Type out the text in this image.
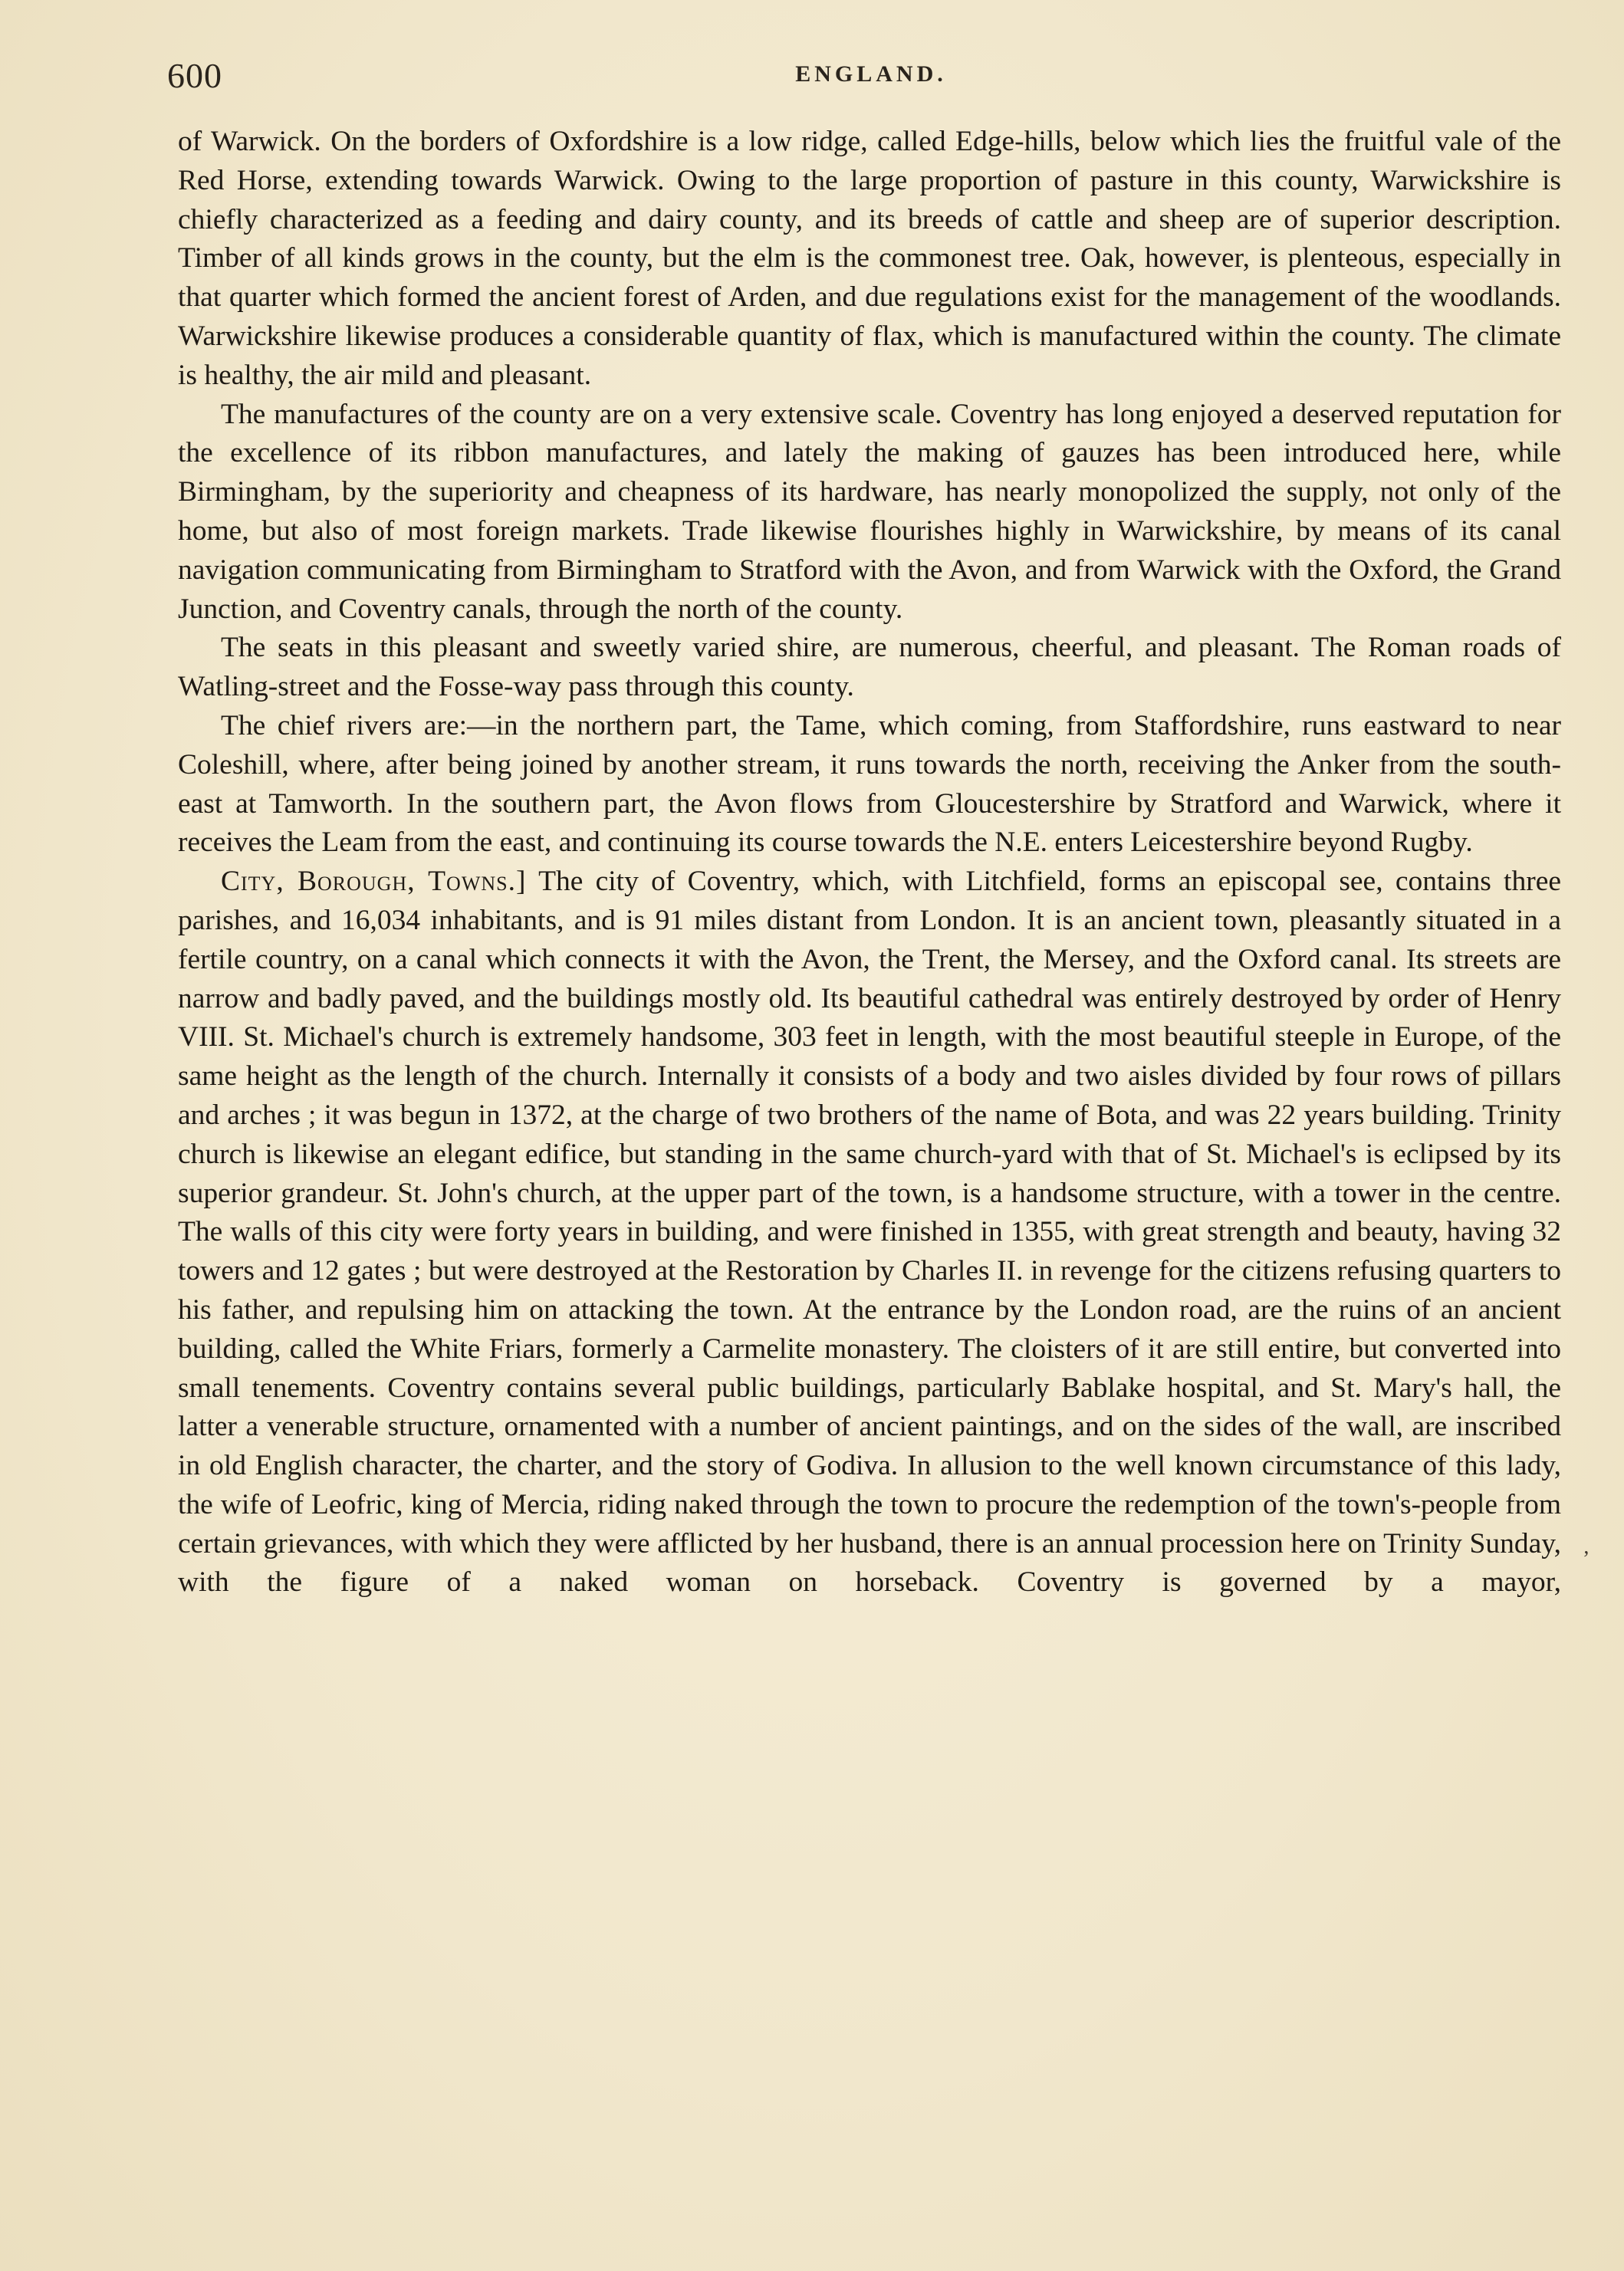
600	ENGLAND.

of Warwick. On the borders of Oxfordshire is a low ridge, called Edge-hills, below which lies the fruitful vale of the Red Horse, extending towards Warwick. Owing to the large proportion of pasture in this county, Warwickshire is chiefly characterized as a feeding and dairy county, and its breeds of cattle and sheep are of superior description. Timber of all kinds grows in the county, but the elm is the commonest tree. Oak, however, is plenteous, especially in that quarter which formed the ancient forest of Arden, and due regulations exist for the management of the woodlands. Warwickshire likewise produces a considerable quantity of flax, which is manufactured within the county. The climate is healthy, the air mild and pleasant.

The manufactures of the county are on a very extensive scale. Coventry has long enjoyed a deserved reputation for the excellence of its ribbon manufactures, and lately the making of gauzes has been introduced here, while Birmingham, by the superiority and cheapness of its hardware, has nearly monopolized the supply, not only of the home, but also of most foreign markets. Trade likewise flourishes highly in Warwickshire, by means of its canal navigation communicating from Birmingham to Stratford with the Avon, and from Warwick with the Oxford, the Grand Junction, and Coventry canals, through the north of the county.

The seats in this pleasant and sweetly varied shire, are numerous, cheerful, and pleasant. The Roman roads of Watling-street and the Fosse-way pass through this county.

The chief rivers are:—in the northern part, the Tame, which coming, from Staffordshire, runs eastward to near Coleshill, where, after being joined by another stream, it runs towards the north, receiving the Anker from the south-east at Tamworth. In the southern part, the Avon flows from Gloucestershire by Stratford and Warwick, where it receives the Leam from the east, and continuing its course towards the N.E. enters Leicestershire beyond Rugby.

City, Borough, Towns.] The city of Coventry, which, with Litchfield, forms an episcopal see, contains three parishes, and 16,034 inhabitants, and is 91 miles distant from London. It is an ancient town, pleasantly situated in a fertile country, on a canal which connects it with the Avon, the Trent, the Mersey, and the Oxford canal. Its streets are narrow and badly paved, and the buildings mostly old. Its beautiful cathedral was entirely destroyed by order of Henry VIII. St. Michael's church is extremely handsome, 303 feet in length, with the most beautiful steeple in Europe, of the same height as the length of the church. Internally it consists of a body and two aisles divided by four rows of pillars and arches ; it was begun in 1372, at the charge of two brothers of the name of Bota, and was 22 years building. Trinity church is likewise an elegant edifice, but standing in the same church-yard with that of St. Michael's is eclipsed by its superior grandeur. St. John's church, at the upper part of the town, is a handsome structure, with a tower in the centre. The walls of this city were forty years in building, and were finished in 1355, with great strength and beauty, having 32 towers and 12 gates ; but were destroyed at the Restoration by Charles II. in revenge for the citizens refusing quarters to his father, and repulsing him on attacking the town. At the entrance by the London road, are the ruins of an ancient building, called the White Friars, formerly a Carmelite monastery. The cloisters of it are still entire, but converted into small tenements. Coventry contains several public buildings, particularly Bablake hospital, and St. Mary's hall, the latter a venerable structure, ornamented with a number of ancient paintings, and on the sides of the wall, are inscribed in old English character, the charter, and the story of Godiva. In allusion to the well known circumstance of this lady, the wife of Leofric, king of Mercia, riding naked through the town to procure the redemption of the town's-people from certain grievances, with which they were afflicted by her husband, there is an annual procession here on Trinity Sunday, with the figure of a naked woman on horseback. Coventry is governed by a mayor,

’
